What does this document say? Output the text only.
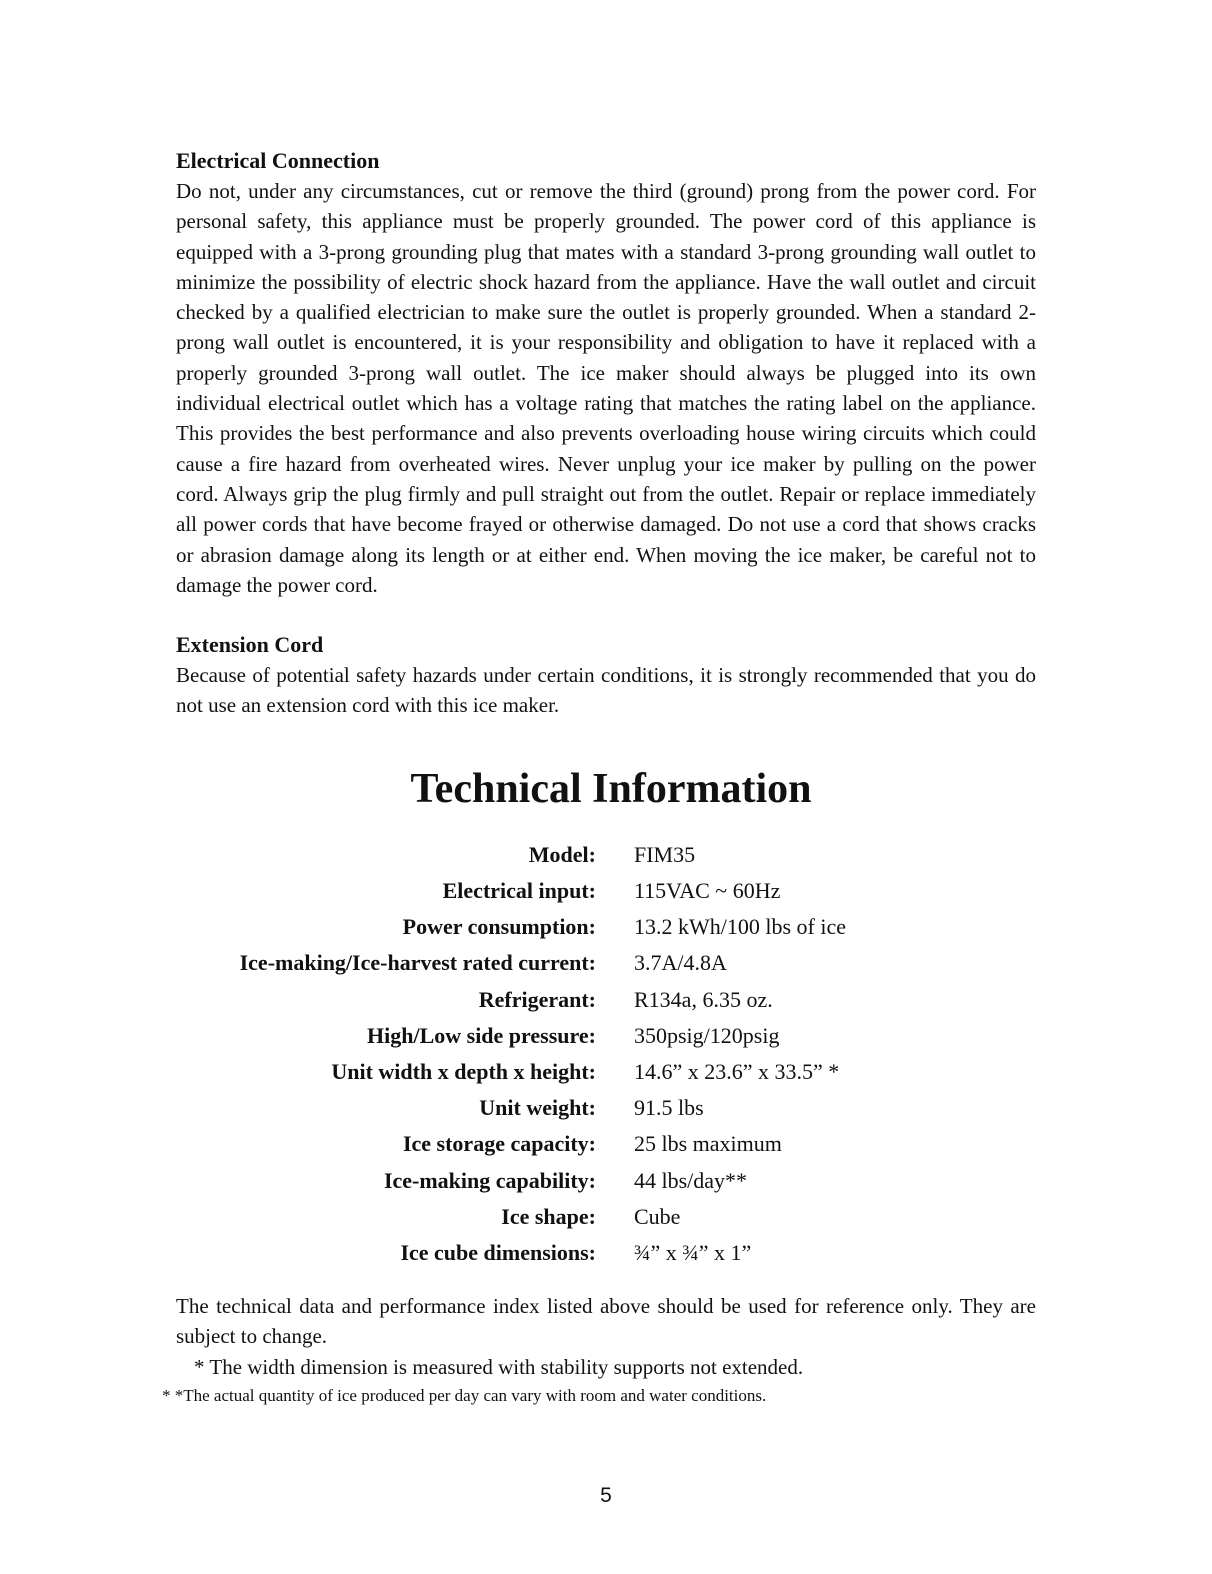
Electrical Connection

Do not, under any circumstances, cut or remove the third (ground) prong from the power cord. For personal safety, this appliance must be properly grounded. The power cord of this appliance is equipped with a 3-prong grounding plug that mates with a standard 3-prong grounding wall outlet to minimize the possibility of electric shock hazard from the appliance. Have the wall outlet and circuit checked by a qualified electrician to make sure the outlet is properly grounded. When a standard 2-prong wall outlet is encountered, it is your responsibility and obligation to have it replaced with a properly grounded 3-prong wall outlet. The ice maker should always be plugged into its own individual electrical outlet which has a voltage rating that matches the rating label on the appliance. This provides the best performance and also prevents overloading house wiring circuits which could cause a fire hazard from overheated wires. Never unplug your ice maker by pulling on the power cord. Always grip the plug firmly and pull straight out from the outlet. Repair or replace immediately all power cords that have become frayed or otherwise damaged. Do not use a cord that shows cracks or abrasion damage along its length or at either end. When moving the ice maker, be careful not to damage the power cord.

Extension Cord

Because of potential safety hazards under certain conditions, it is strongly recommended that you do not use an extension cord with this ice maker.

Technical Information
Model:	FIM35
Electrical input:	115VAC ~ 60Hz
Power consumption:	13.2 kWh/100 lbs of ice
Ice-making/Ice-harvest rated current:	3.7A/4.8A
Refrigerant:	R134a, 6.35 oz.
High/Low side pressure:	350psig/120psig
Unit width x depth x height:	14.6” x 23.6” x 33.5” *
Unit weight:	91.5 lbs
Ice storage capacity:	25 lbs maximum
Ice-making capability:	44 lbs/day**
Ice shape:	Cube
Ice cube dimensions:	¾” x ¾” x 1”

The technical data and performance index listed above should be used for reference only. They are subject to change.

* The width dimension is measured with stability supports not extended.

* *The actual quantity of ice produced per day can vary with room and water conditions.

5
